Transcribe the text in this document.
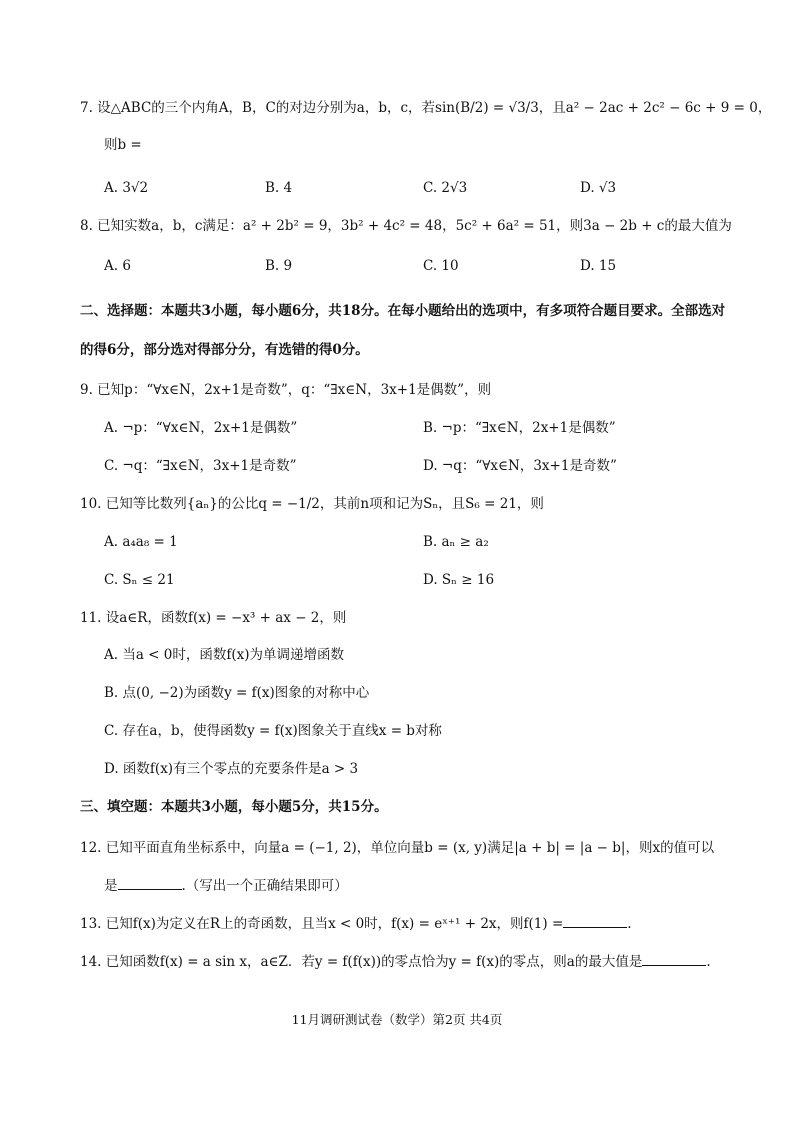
7. 设△ABC的三个内角A，B，C的对边分别为a，b，c，若sin(B/2) = √3/3，且a² − 2ac + 2c² − 6c + 9 = 0，
则b =
A. 3√2	B. 4	C. 2√3	D. √3
8. 已知实数a，b，c满足：a² + 2b² = 9，3b² + 4c² = 48，5c² + 6a² = 51，则3a − 2b + c的最大值为
A. 6	B. 9	C. 10	D. 15
二、选择题：本题共3小题，每小题6分，共18分。在每小题给出的选项中，有多项符合题目要求。全部选对
的得6分，部分选对得部分分，有选错的得0分。
9. 已知p：“∀x∈N，2x+1是奇数”，q：“∃x∈N，3x+1是偶数”，则
A. ¬p：“∀x∈N，2x+1是偶数”	B. ¬p：“∃x∈N，2x+1是偶数”
C. ¬q：“∃x∈N，3x+1是奇数”	D. ¬q：“∀x∈N，3x+1是奇数”
10. 已知等比数列{aₙ}的公比q = −1/2，其前n项和记为Sₙ，且S₆ = 21，则
A. a₄a₈ = 1	B. aₙ ≥ a₂
C. Sₙ ≤ 21	D. Sₙ ≥ 16
11. 设a∈R，函数f(x) = −x³ + ax − 2，则
A. 当a < 0时，函数f(x)为单调递增函数
B. 点(0, −2)为函数y = f(x)图象的对称中心
C. 存在a，b，使得函数y = f(x)图象关于直线x = b对称
D. 函数f(x)有三个零点的充要条件是a > 3
三、填空题：本题共3小题，每小题5分，共15分。
12. 已知平面直角坐标系中，向量a = (−1, 2)，单位向量b = (x, y)满足|a + b| = |a − b|，则x的值可以
是	.（写出一个正确结果即可）
13. 已知f(x)为定义在R上的奇函数，且当x < 0时，f(x) = eˣ⁺¹ + 2x，则f(1) =	.
14. 已知函数f(x) = a sin x，a∈Z．若y = f(f(x))的零点恰为y = f(x)的零点，则a的最大值是	.
11月调研测试卷（数学）第2页 共4页
